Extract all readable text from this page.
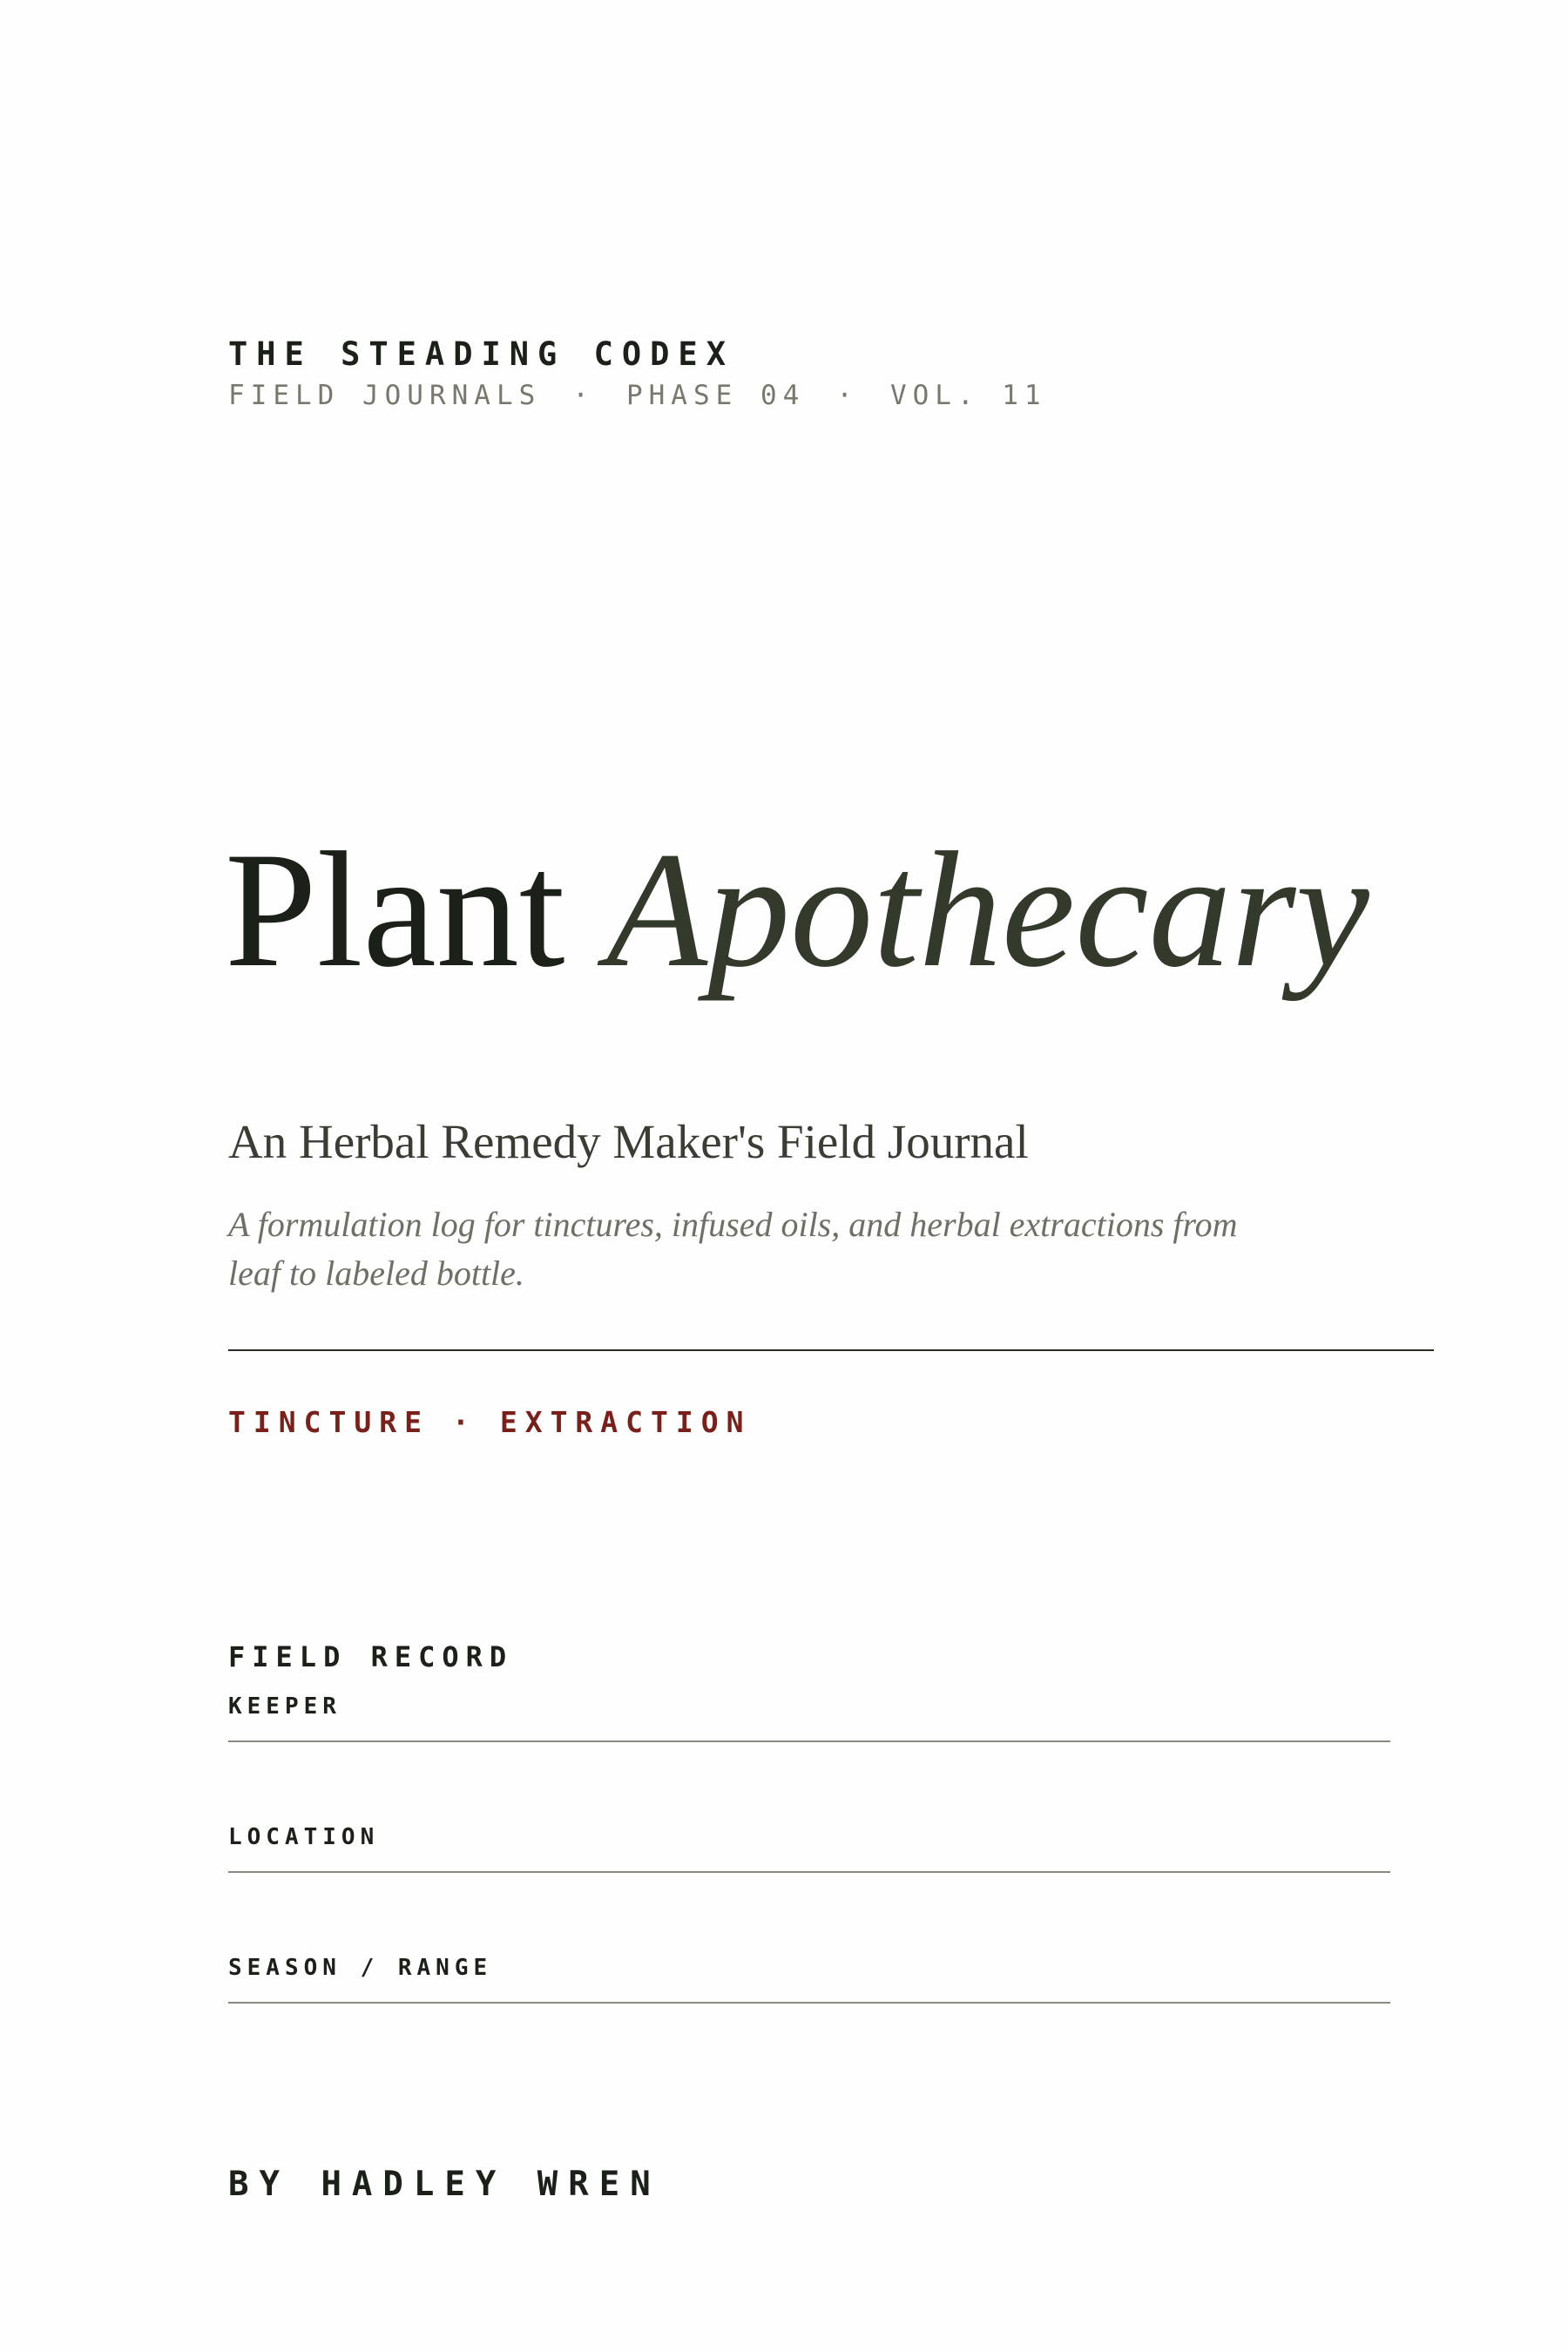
THE STEADING CODEX
FIELD JOURNALS · PHASE 04 · VOL. 11
Plant Apothecary
An Herbal Remedy Maker's Field Journal
A formulation log for tinctures, infused oils, and herbal extractions from leaf to labeled bottle.
TINCTURE · EXTRACTION
FIELD RECORD
KEEPER
LOCATION
SEASON / RANGE
BY HADLEY WREN
